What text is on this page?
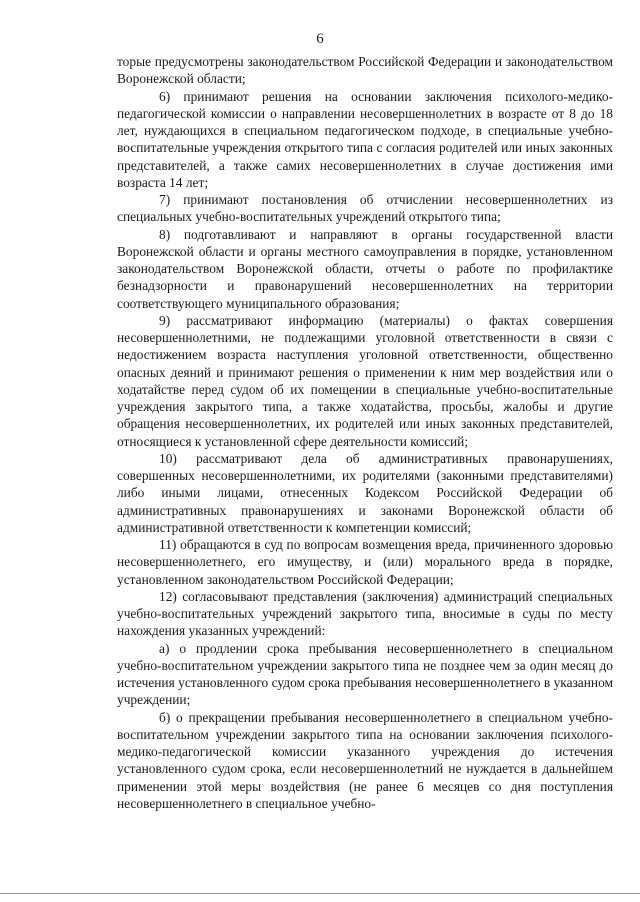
6

торые предусмотрены законодательством Российской Федерации и законодательством Воронежской области;

6) принимают решения на основании заключения психолого-медико-педагогической комиссии о направлении несовершеннолетних в возрасте от 8 до 18 лет, нуждающихся в специальном педагогическом подходе, в специальные учебно-воспитательные учреждения открытого типа с согласия родителей или иных законных представителей, а также самих несовершеннолетних в случае достижения ими возраста 14 лет;

7) принимают постановления об отчислении несовершеннолетних из специальных учебно-воспитательных учреждений открытого типа;

8) подготавливают и направляют в органы государственной власти Воронежской области и органы местного самоуправления в порядке, установленном законодательством Воронежской области, отчеты о работе по профилактике безнадзорности и правонарушений несовершеннолетних на территории соответствующего муниципального образования;

9) рассматривают информацию (материалы) о фактах совершения несовершеннолетними, не подлежащими уголовной ответственности в связи с недостижением возраста наступления уголовной ответственности, общественно опасных деяний и принимают решения о применении к ним мер воздействия или о ходатайстве перед судом об их помещении в специальные учебно-воспитательные учреждения закрытого типа, а также ходатайства, просьбы, жалобы и другие обращения несовершеннолетних, их родителей или иных законных представителей, относящиеся к установленной сфере деятельности комиссий;

10) рассматривают дела об административных правонарушениях, совершенных несовершеннолетними, их родителями (законными представителями) либо иными лицами, отнесенных Кодексом Российской Федерации об административных правонарушениях и законами Воронежской области об административной ответственности к компетенции комиссий;

11) обращаются в суд по вопросам возмещения вреда, причиненного здоровью несовершеннолетнего, его имуществу, и (или) морального вреда в порядке, установленном законодательством Российской Федерации;

12) согласовывают представления (заключения) администраций специальных учебно-воспитательных учреждений закрытого типа, вносимые в суды по месту нахождения указанных учреждений:

а) о продлении срока пребывания несовершеннолетнего в специальном учебно-воспитательном учреждении закрытого типа не позднее чем за один месяц до истечения установленного судом срока пребывания несовершеннолетнего в указанном учреждении;

б) о прекращении пребывания несовершеннолетнего в специальном учебно-воспитательном учреждении закрытого типа на основании заключения психолого-медико-педагогической комиссии указанного учреждения до истечения установленного судом срока, если несовершеннолетний не нуждается в дальнейшем применении этой меры воздействия (не ранее 6 месяцев со дня поступления несовершеннолетнего в специальное учебно-
